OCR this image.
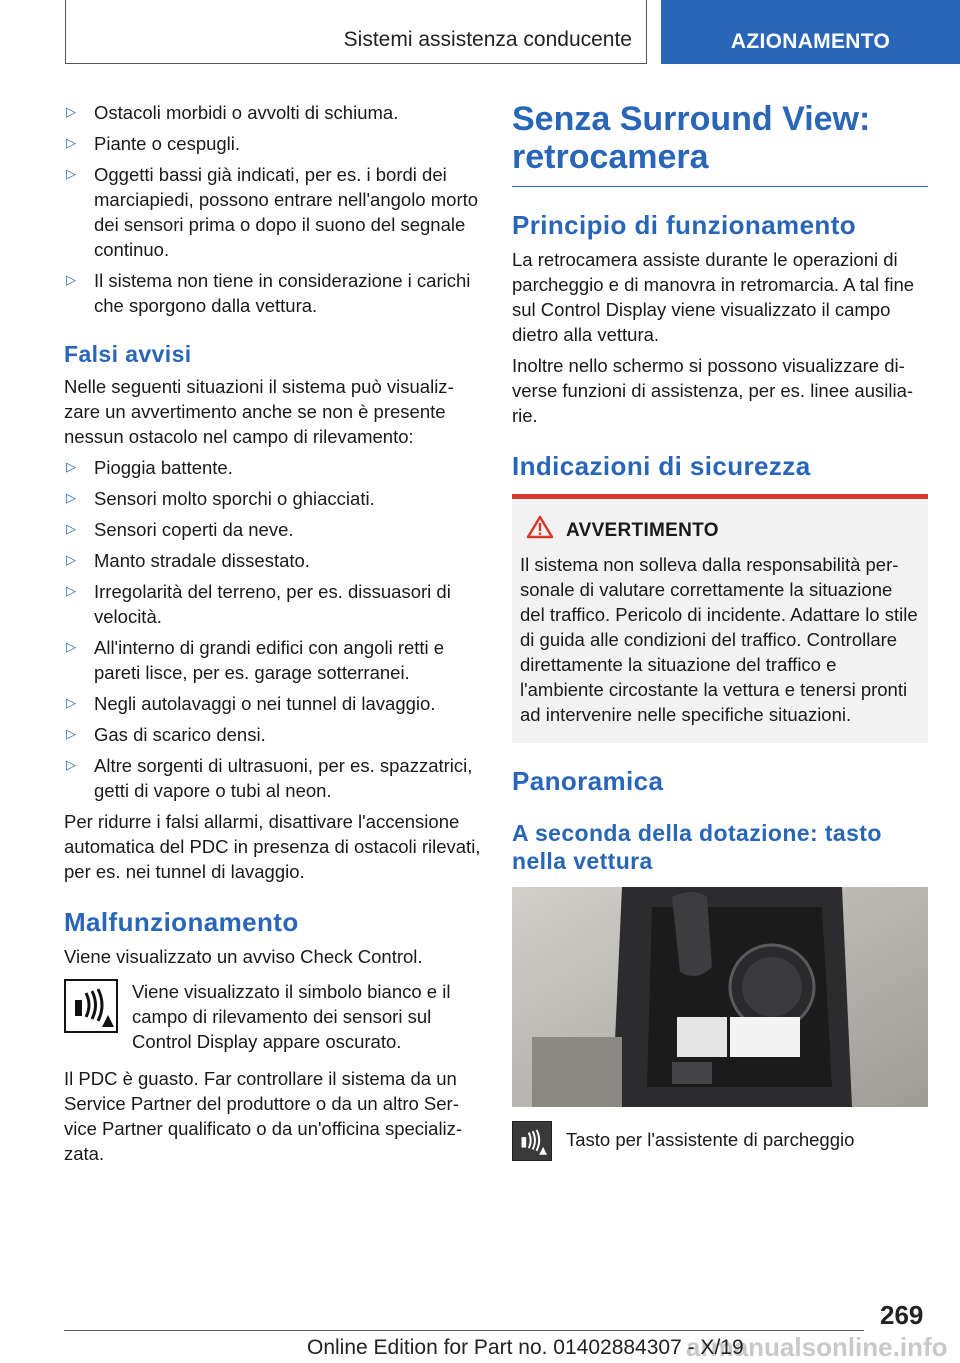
Sistemi assistenza conducente	AZIONAMENTO
▷ Ostacoli morbidi o avvolti di schiuma.
▷ Piante o cespugli.
▷ Oggetti bassi già indicati, per es. i bordi dei marciapiedi, possono entrare nell'angolo morto dei sensori prima o dopo il suono del segnale continuo.
▷ Il sistema non tiene in considerazione i carichi che sporgono dalla vettura.
Falsi avvisi

Nelle seguenti situazioni il sistema può visualizzare un avvertimento anche se non è presente nessun ostacolo nel campo di rilevamento:

▷ Pioggia battente.
▷ Sensori molto sporchi o ghiacciati.
▷ Sensori coperti da neve.
▷ Manto stradale dissestato.
▷ Irregolarità del terreno, per es. dissuasori di velocità.
▷ All'interno di grandi edifici con angoli retti e pareti lisce, per es. garage sotterranei.
▷ Negli autolavaggi o nei tunnel di lavaggio.
▷ Gas di scarico densi.
▷ Altre sorgenti di ultrasuoni, per es. spazzatrici, getti di vapore o tubi al neon.

Per ridurre i falsi allarmi, disattivare l'accensione automatica del PDC in presenza di ostacoli rilevati, per es. nei tunnel di lavaggio.

Malfunzionamento

Viene visualizzato un avviso Check Control.

Viene visualizzato il simbolo bianco e il campo di rilevamento dei sensori sul Control Display appare oscurato.

Il PDC è guasto. Far controllare il sistema da un Service Partner del produttore o da un altro Service Partner qualificato o da un'officina specializzata.

Senza Surround View: retrocamera
Principio di funzionamento

La retrocamera assiste durante le operazioni di parcheggio e di manovra in retromarcia. A tal fine sul Control Display viene visualizzato il campo dietro alla vettura.

Inoltre nello schermo si possono visualizzare diverse funzioni di assistenza, per es. linee ausiliarie.

Indicazioni di sicurezza
AVVERTIMENTO

Il sistema non solleva dalla responsabilità personale di valutare correttamente la situazione del traffico. Pericolo di incidente. Adattare lo stile di guida alle condizioni del traffico. Controllare direttamente la situazione del traffico e l'ambiente circostante la vettura e tenersi pronti ad intervenire nelle specifiche situazioni.

Panoramica
A seconda della dotazione: tasto nella vettura
Tasto per l'assistente di parcheggio
269
armanualsonline.info
Online Edition for Part no. 01402884307 - X/19
